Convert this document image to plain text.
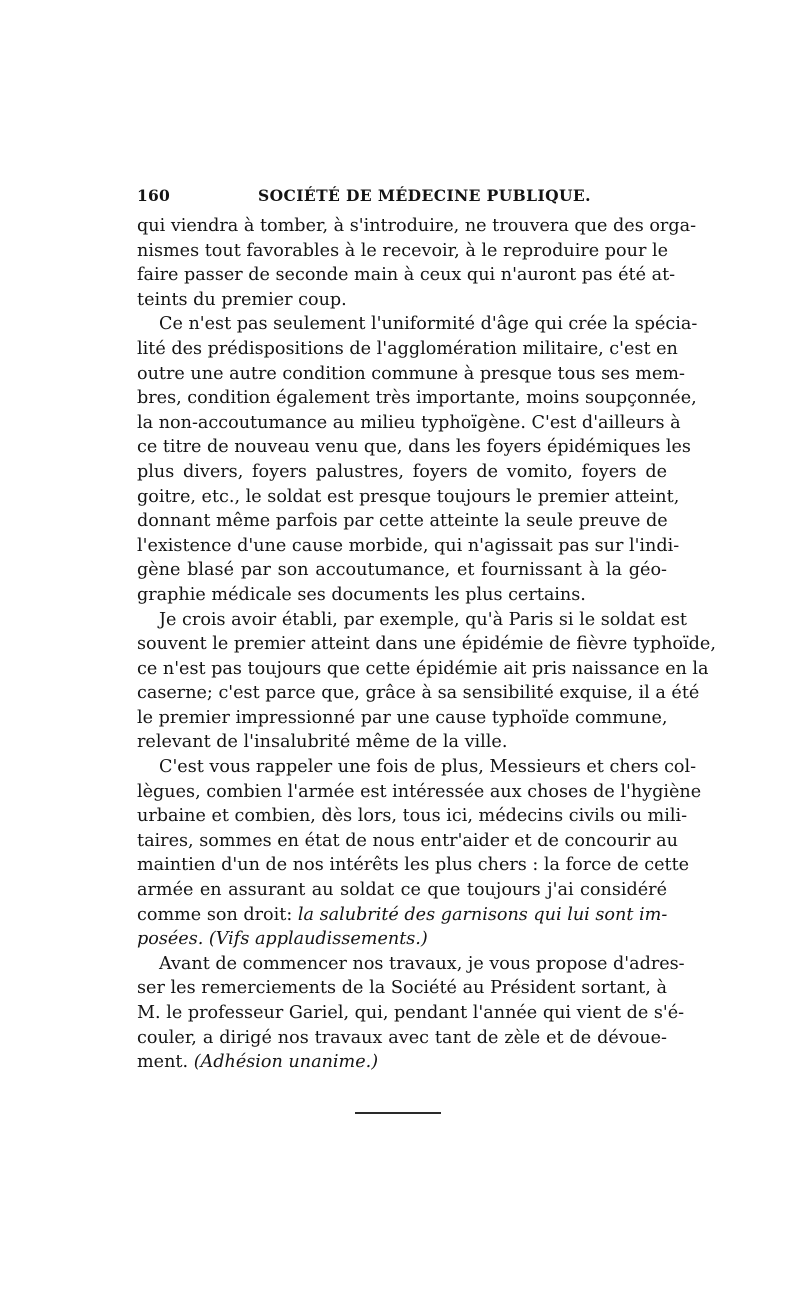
160	SOCIÉTÉ DE MÉDECINE PUBLIQUE.
qui viendra à tomber, à s'introduire, ne trouvera que des orga-
nismes tout favorables à le recevoir, à le reproduire pour le
faire passer de seconde main à ceux qui n'auront pas été at-
teints du premier coup.
Ce n'est pas seulement l'uniformité d'âge qui crée la spécia-
lité des prédispositions de l'agglomération militaire, c'est en
outre une autre condition commune à presque tous ses mem-
bres, condition également très importante, moins soupçonnée,
la non-accoutumance au milieu typhoïgène. C'est d'ailleurs à
ce titre de nouveau venu que, dans les foyers épidémiques les
plus divers, foyers palustres, foyers de vomito, foyers de
goitre, etc., le soldat est presque toujours le premier atteint,
donnant même parfois par cette atteinte la seule preuve de
l'existence d'une cause morbide, qui n'agissait pas sur l'indi-
gène blasé par son accoutumance, et fournissant à la géo-
graphie médicale ses documents les plus certains.
Je crois avoir établi, par exemple, qu'à Paris si le soldat est
souvent le premier atteint dans une épidémie de fièvre typhoïde,
ce n'est pas toujours que cette épidémie ait pris naissance en la
caserne; c'est parce que, grâce à sa sensibilité exquise, il a été
le premier impressionné par une cause typhoïde commune,
relevant de l'insalubrité même de la ville.
C'est vous rappeler une fois de plus, Messieurs et chers col-
lègues, combien l'armée est intéressée aux choses de l'hygiène
urbaine et combien, dès lors, tous ici, médecins civils ou mili-
taires, sommes en état de nous entr'aider et de concourir au
maintien d'un de nos intérêts les plus chers : la force de cette
armée en assurant au soldat ce que toujours j'ai considéré
comme son droit: la salubrité des garnisons qui lui sont im-
posées. (Vifs applaudissements.)
Avant de commencer nos travaux, je vous propose d'adres-
ser les remerciements de la Société au Président sortant, à
M. le professeur Gariel, qui, pendant l'année qui vient de s'é-
couler, a dirigé nos travaux avec tant de zèle et de dévoue-
ment. (Adhésion unanime.)
